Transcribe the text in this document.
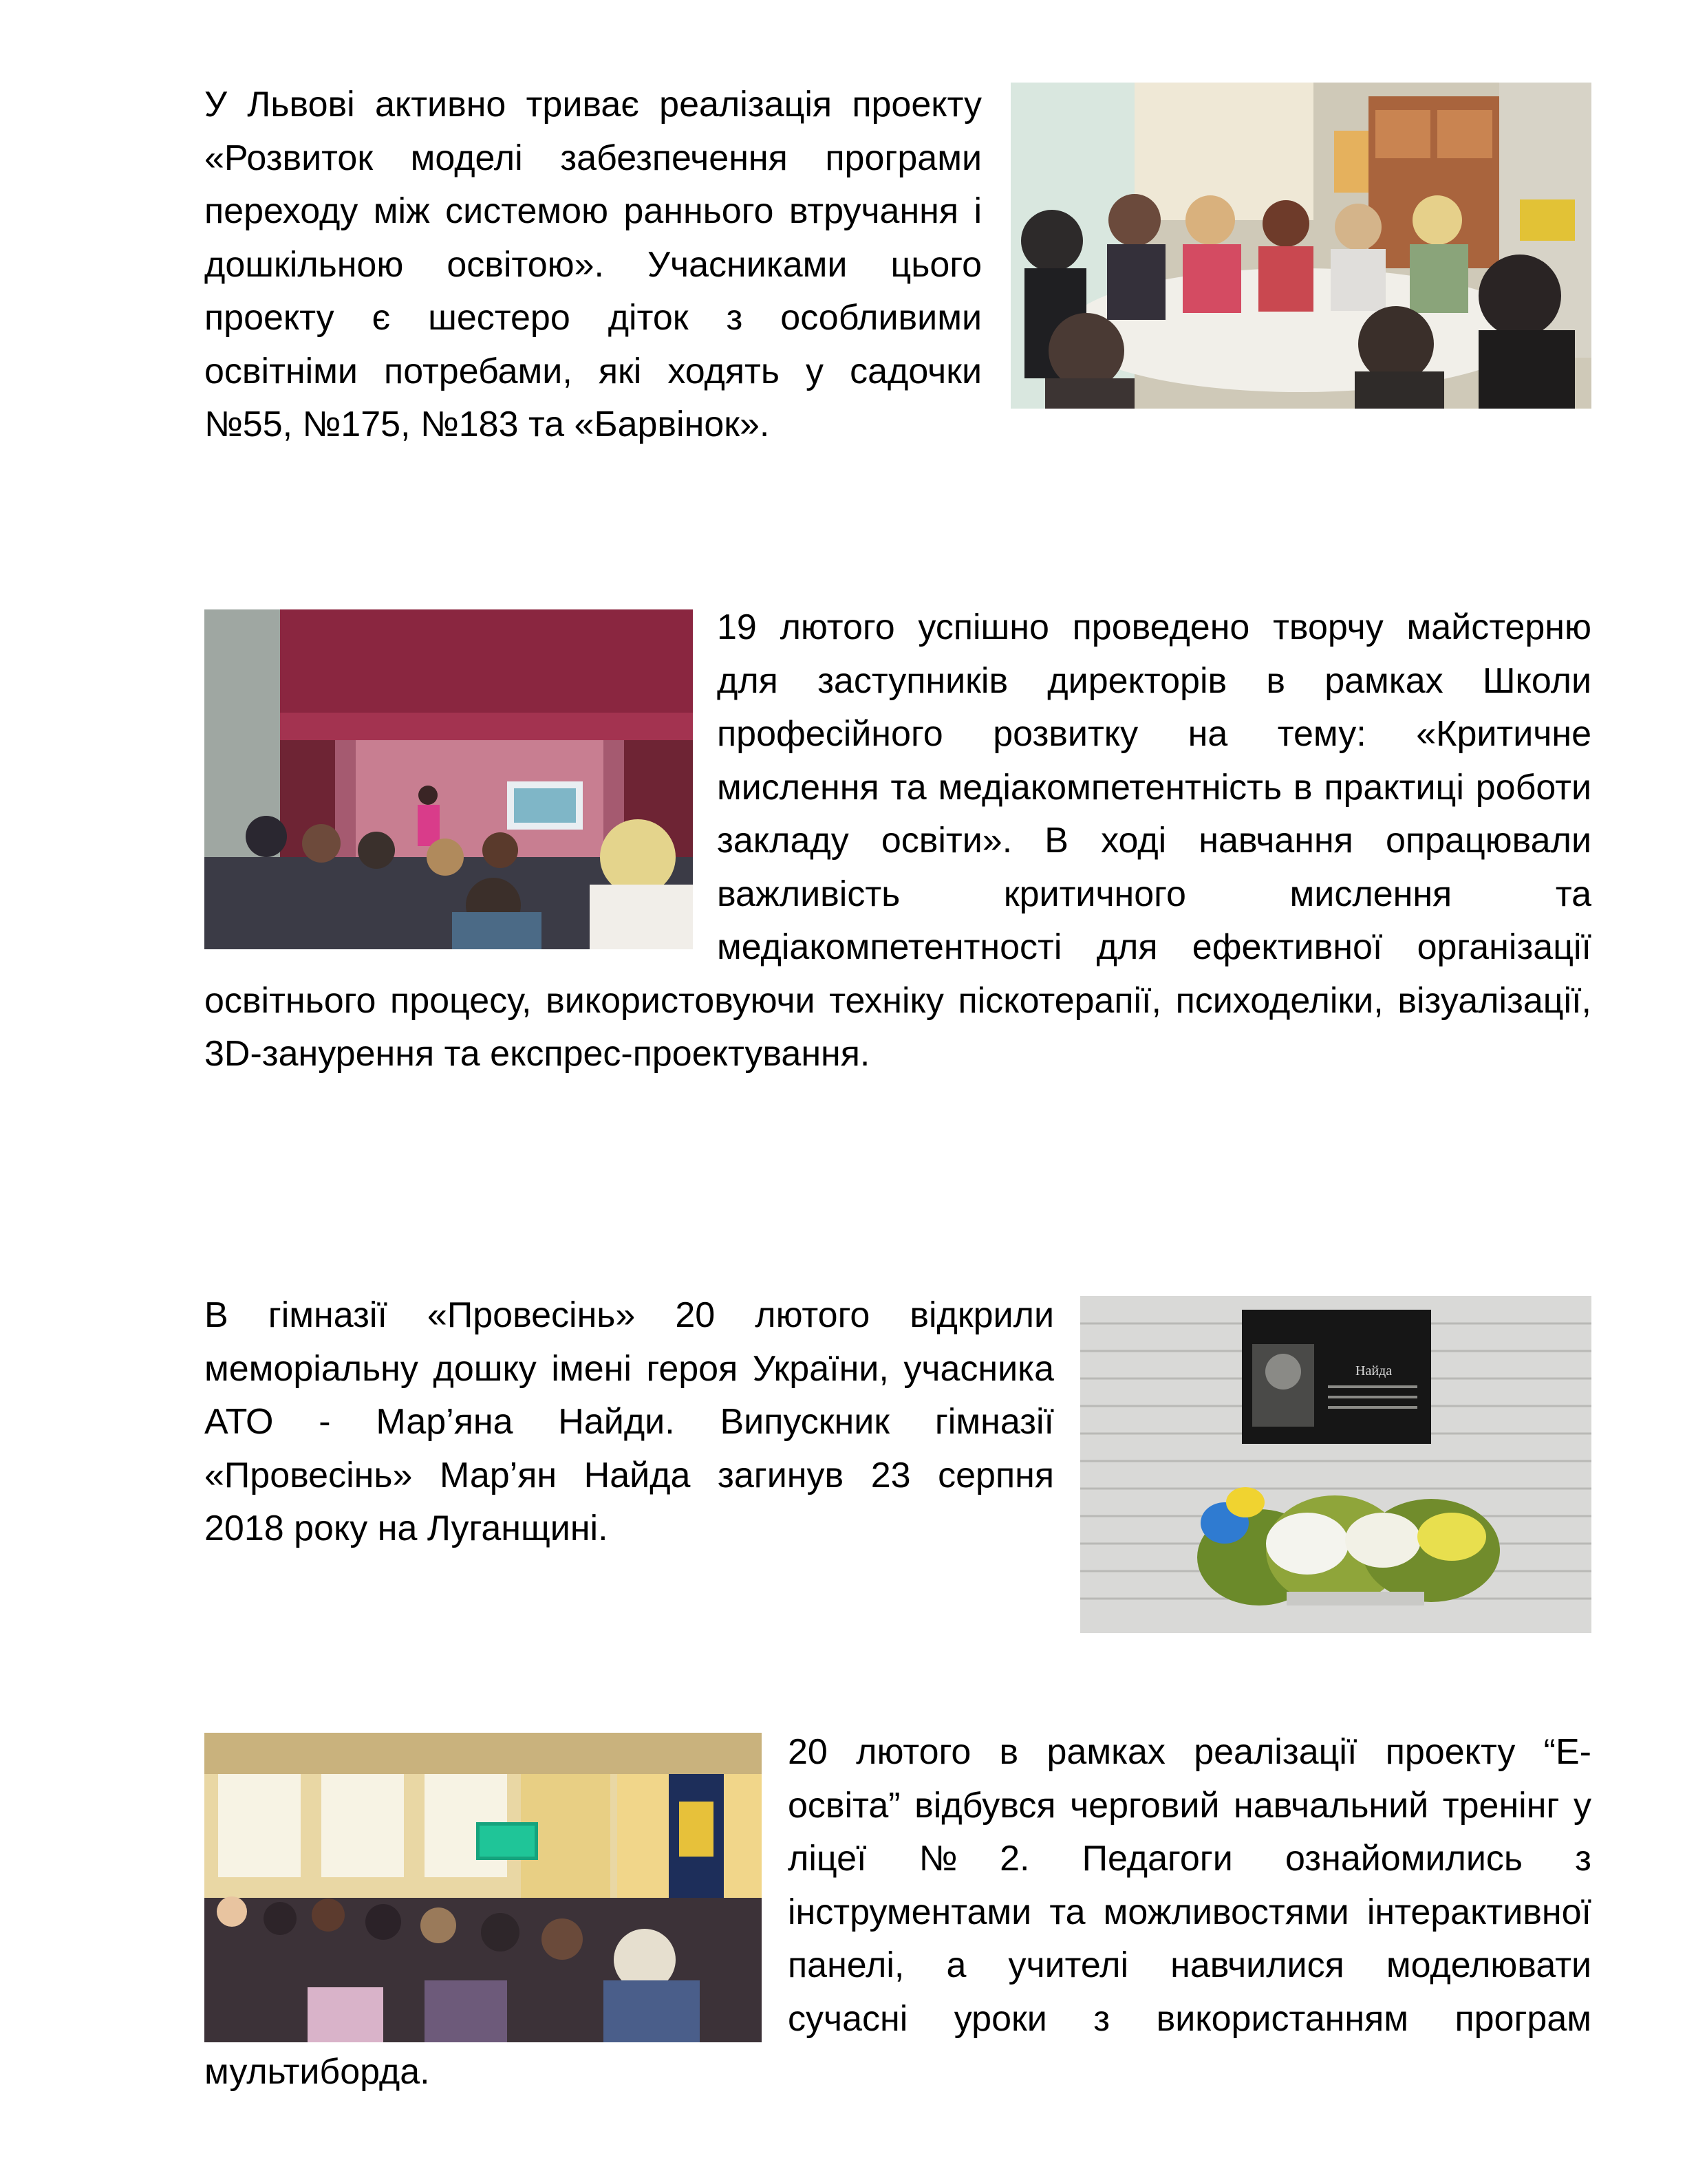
У Львові активно триває реалізація проекту «Розвиток моделі забезпечення програми переходу між системою раннього втручання і дошкільною освітою». Учасниками цього проекту є шестеро діток з особливими освітніми потребами, які ходять у садочки №55, №175, №183 та «Барвінок».

19 лютого успішно проведено творчу майстерню для заступників директорів в рамках Школи професійного розвитку на тему: «Критичне мислення та медіакомпетентність в практиці роботи закладу освіти». В ході навчання опрацювали важливість критичного мислення та медіакомпетентності для ефективної організації освітнього процесу, використовуючи техніку піскотерапії, психоделіки, візуалізації, 3D-занурення та експрес-проектування.

В гімназії «Провесінь» 20 лютого відкрили меморіальну дошку імені героя України, учасника АТО - Мар’яна Найди. Випускник гімназії «Провесінь» Мар’ян Найда загинув 23 серпня 2018 року на Луганщині.

Найда

20 лютого в рамках реалізації проекту “Е-освіта” відбувся черговий навчальний тренінг у ліцеї №2. Педагоги ознайомились з інструментами та можливостями інтерактивної панелі, а учителі навчилися моделювати сучасні уроки з використанням програм мультиборда.
